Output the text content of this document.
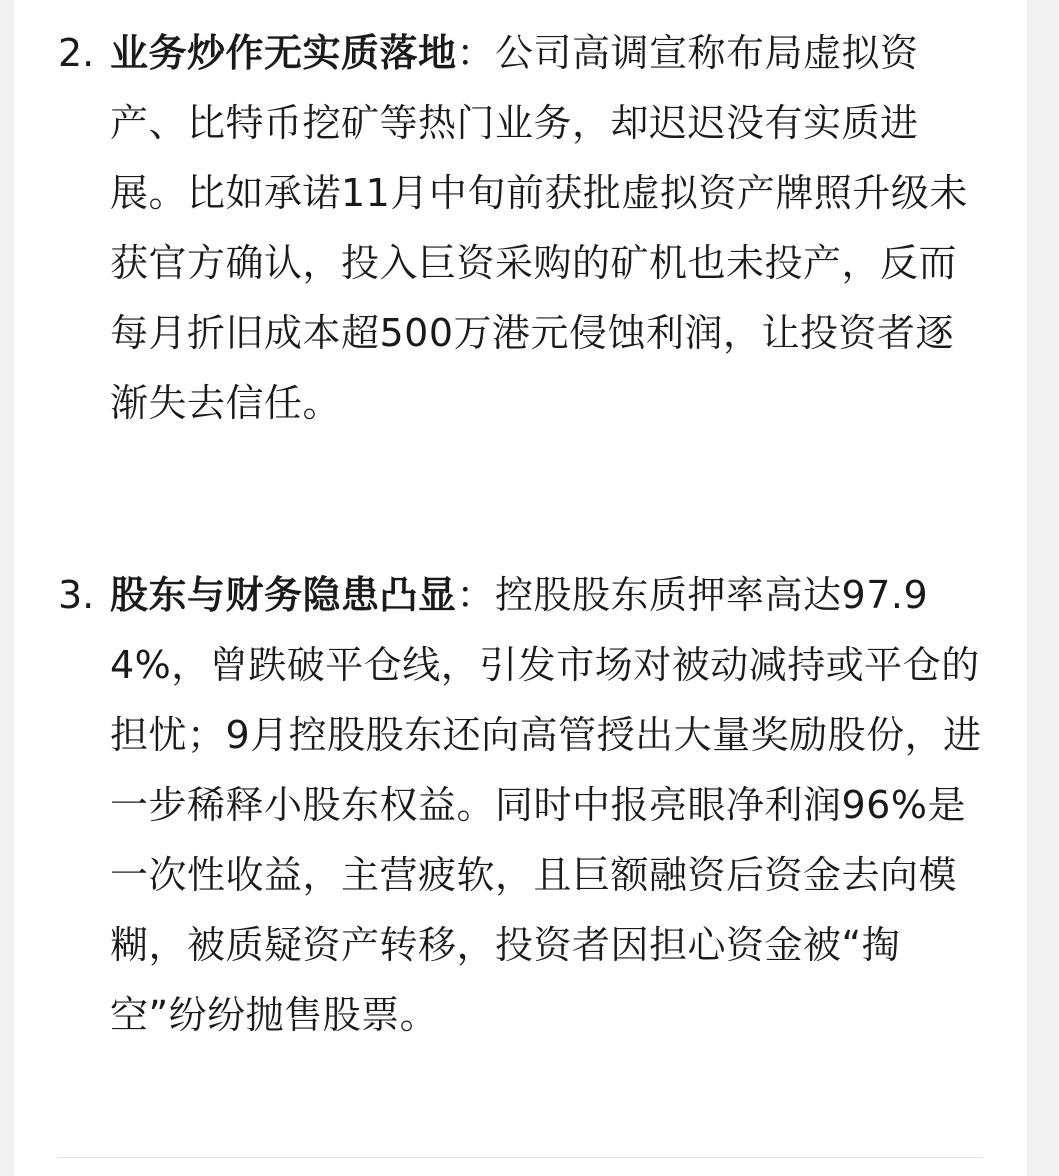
2. 业务炒作无实质落地：公司高调宣称布局虚拟资产、比特币挖矿等热门业务，却迟迟没有实质进展。比如承诺11月中旬前获批虚拟资产牌照升级未获官方确认，投入巨资采购的矿机也未投产，反而每月折旧成本超500万港元侵蚀利润，让投资者逐渐失去信任。

3. 股东与财务隐患凸显：控股股东质押率高达97.94%，曾跌破平仓线，引发市场对被动减持或平仓的担忧；9月控股股东还向高管授出大量奖励股份，进一步稀释小股东权益。同时中报亮眼净利润96%是一次性收益，主营疲软，且巨额融资后资金去向模糊，被质疑资产转移，投资者因担心资金被“掏空”纷纷抛售股票。
